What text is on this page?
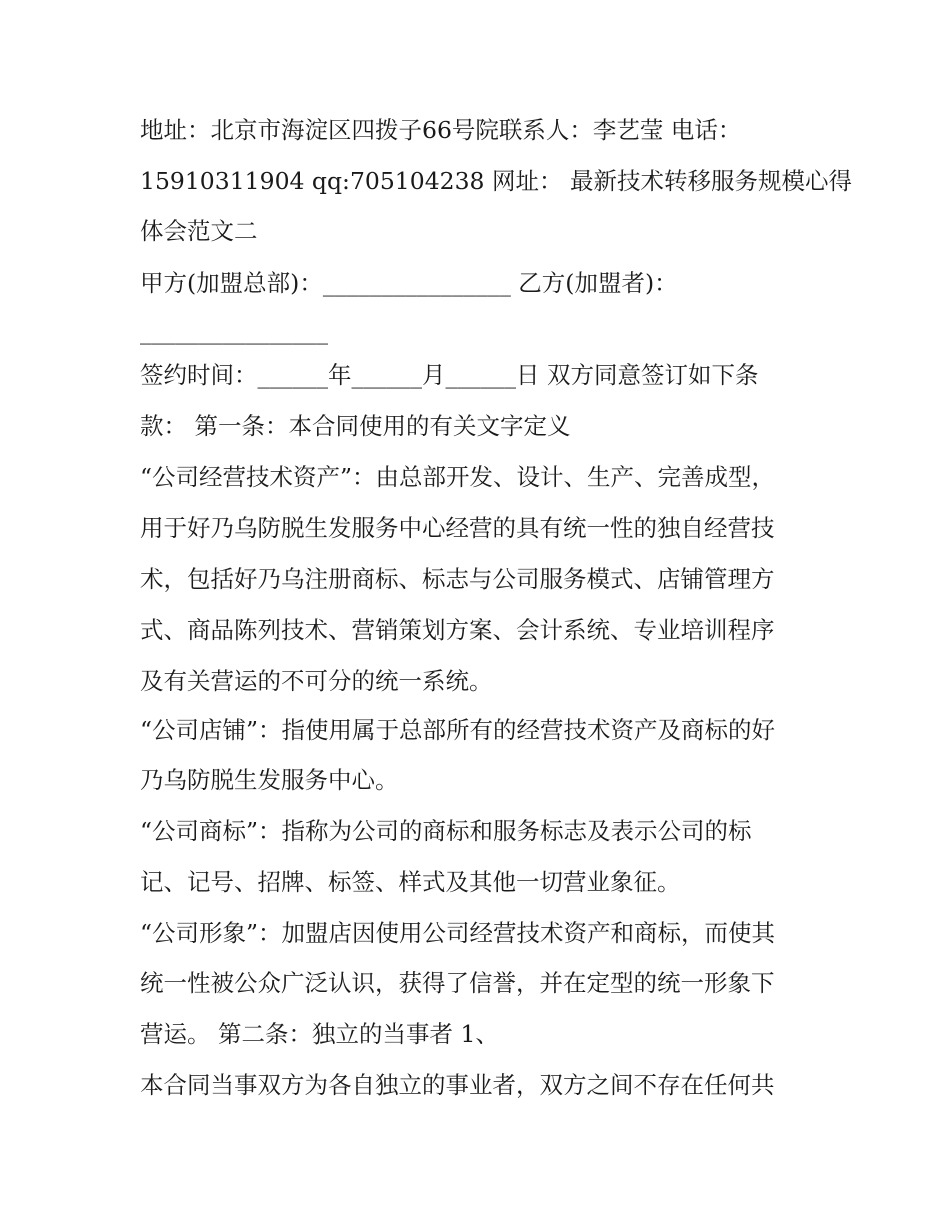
地址：北京市海淀区四拨子66号院联系人：李艺莹 电话：

15910311904 qq:705104238 网址： 最新技术转移服务规模心得

体会范文二

甲方(加盟总部)：________________ 乙方(加盟者)：

________________

签约时间：______年______月______日 双方同意签订如下条

款： 第一条：本合同使用的有关文字定义

“公司经营技术资产”：由总部开发、设计、生产、完善成型，

用于好乃乌防脱生发服务中心经营的具有统一性的独自经营技

术，包括好乃乌注册商标、标志与公司服务模式、店铺管理方

式、商品陈列技术、营销策划方案、会计系统、专业培训程序

及有关营运的不可分的统一系统。

“公司店铺”：指使用属于总部所有的经营技术资产及商标的好

乃乌防脱生发服务中心。

“公司商标”：指称为公司的商标和服务标志及表示公司的标

记、记号、招牌、标签、样式及其他一切营业象征。

“公司形象”：加盟店因使用公司经营技术资产和商标，而使其

统一性被公众广泛认识，获得了信誉，并在定型的统一形象下

营运。 第二条：独立的当事者 1、

本合同当事双方为各自独立的事业者，双方之间不存在任何共
